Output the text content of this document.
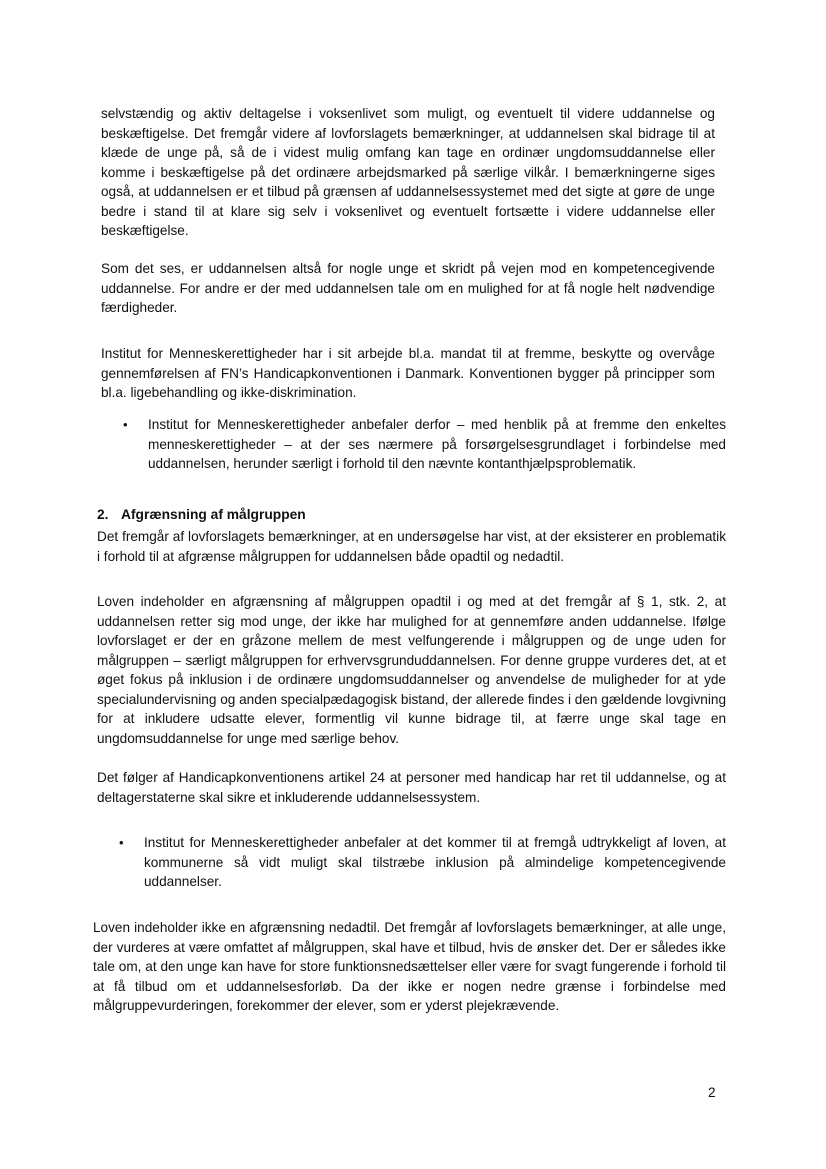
selvstændig og aktiv deltagelse i voksenlivet som muligt, og eventuelt til videre uddannelse og beskæftigelse. Det fremgår videre af lovforslagets bemærkninger, at uddannelsen skal bidrage til at klæde de unge på, så de i videst mulig omfang kan tage en ordinær ungdomsuddannelse eller komme i beskæftigelse på det ordinære arbejdsmarked på særlige vilkår. I bemærkningerne siges også, at uddannelsen er et tilbud på grænsen af uddannelsessystemet med det sigte at gøre de unge bedre i stand til at klare sig selv i voksenlivet og eventuelt fortsætte i videre uddannelse eller beskæftigelse.
Som det ses, er uddannelsen altså for nogle unge et skridt på vejen mod en kompetencegivende uddannelse. For andre er der med uddannelsen tale om en mulighed for at få nogle helt nødvendige færdigheder.
Institut for Menneskerettigheder har i sit arbejde bl.a. mandat til at fremme, beskytte og overvåge gennemførelsen af FN’s Handicapkonventionen i Danmark. Konventionen bygger på principper som bl.a. ligebehandling og ikke-diskrimination.
• Institut for Menneskerettigheder anbefaler derfor – med henblik på at fremme den enkeltes menneskerettigheder – at der ses nærmere på forsørgelsesgrundlaget i forbindelse med uddannelsen, herunder særligt i forhold til den nævnte kontanthjælpsproblematik.
2. Afgrænsning af målgruppen
Det fremgår af lovforslagets bemærkninger, at en undersøgelse har vist, at der eksisterer en problematik i forhold til at afgrænse målgruppen for uddannelsen både opadtil og nedadtil.
Loven indeholder en afgrænsning af målgruppen opadtil i og med at det fremgår af § 1, stk. 2, at uddannelsen retter sig mod unge, der ikke har mulighed for at gennemføre anden uddannelse. Ifølge lovforslaget er der en gråzone mellem de mest velfungerende i målgruppen og de unge uden for målgruppen – særligt målgruppen for erhvervsgrunduddannelsen. For denne gruppe vurderes det, at et øget fokus på inklusion i de ordinære ungdomsuddannelser og anvendelse de muligheder for at yde specialundervisning og anden specialpædagogisk bistand, der allerede findes i den gældende lovgivning for at inkludere udsatte elever, formentlig vil kunne bidrage til, at færre unge skal tage en ungdomsuddannelse for unge med særlige behov.
Det følger af Handicapkonventionens artikel 24 at personer med handicap har ret til uddannelse, og at deltagerstaterne skal sikre et inkluderende uddannelsessystem.
• Institut for Menneskerettigheder anbefaler at det kommer til at fremgå udtrykkeligt af loven, at kommunerne så vidt muligt skal tilstræbe inklusion på almindelige kompetencegivende uddannelser.
Loven indeholder ikke en afgrænsning nedadtil. Det fremgår af lovforslagets bemærkninger, at alle unge, der vurderes at være omfattet af målgruppen, skal have et tilbud, hvis de ønsker det. Der er således ikke tale om, at den unge kan have for store funktionsnedsættelser eller være for svagt fungerende i forhold til at få tilbud om et uddannelsesforløb. Da der ikke er nogen nedre grænse i forbindelse med målgruppevurderingen, forekommer der elever, som er yderst plejekrævende.
2
